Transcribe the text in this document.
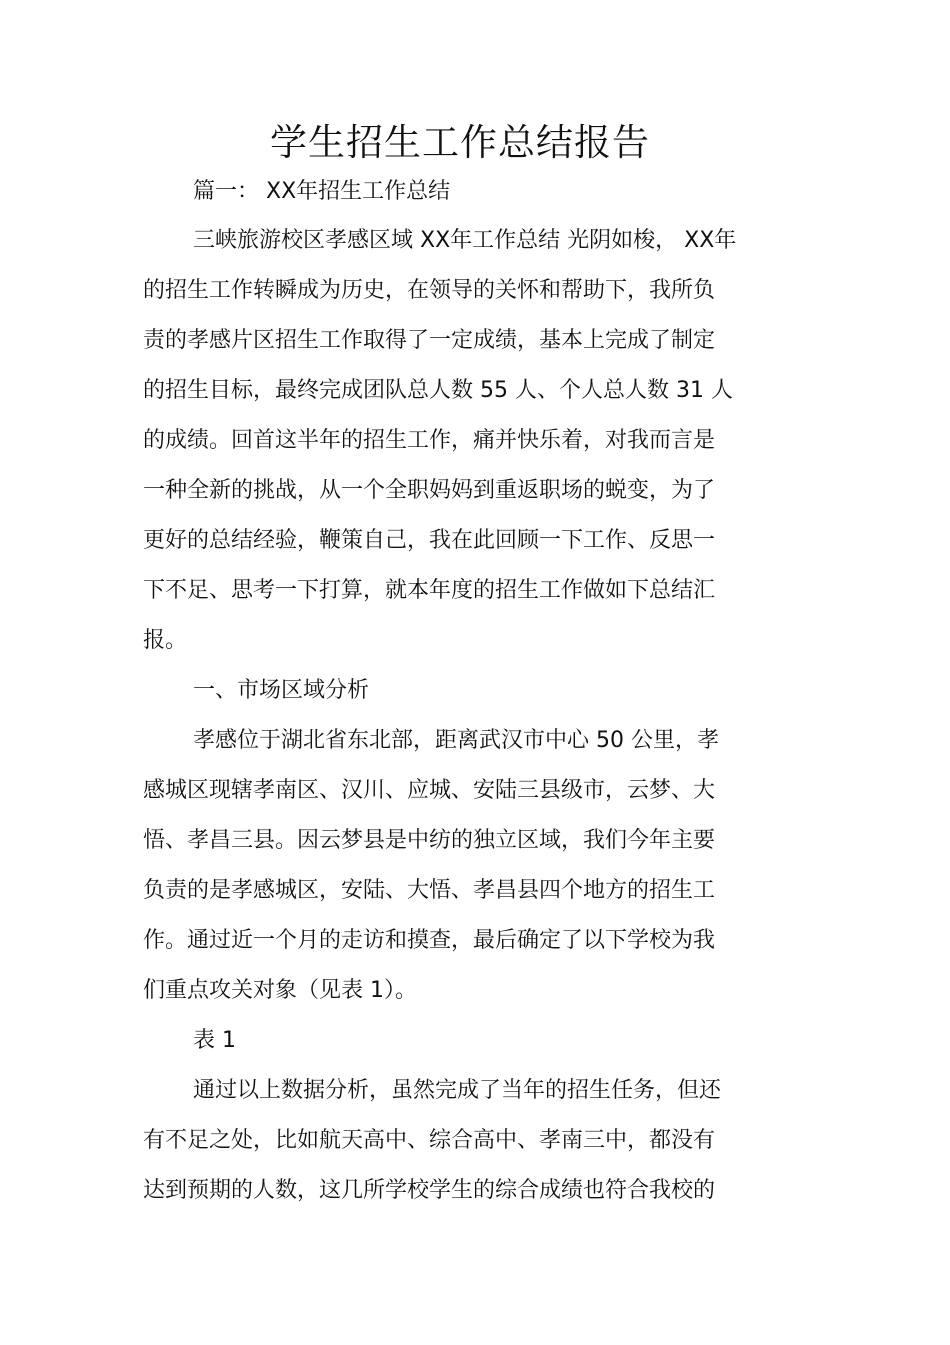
学生招生工作总结报告
篇一： XX年招生工作总结
三峡旅游校区孝感区域 XX年工作总结 光阴如梭， XX年
的招生工作转瞬成为历史，在领导的关怀和帮助下，我所负
责的孝感片区招生工作取得了一定成绩，基本上完成了制定
的招生目标，最终完成团队总人数 55 人、个人总人数 31 人
的成绩。回首这半年的招生工作，痛并快乐着，对我而言是
一种全新的挑战，从一个全职妈妈到重返职场的蜕变，为了
更好的总结经验，鞭策自己，我在此回顾一下工作、反思一
下不足、思考一下打算，就本年度的招生工作做如下总结汇
报。
一、市场区域分析
孝感位于湖北省东北部，距离武汉市中心 50 公里，孝
感城区现辖孝南区、汉川、应城、安陆三县级市，云梦、大
悟、孝昌三县。因云梦县是中纺的独立区域，我们今年主要
负责的是孝感城区，安陆、大悟、孝昌县四个地方的招生工
作。通过近一个月的走访和摸查，最后确定了以下学校为我
们重点攻关对象（见表 1）。
表 1
通过以上数据分析，虽然完成了当年的招生任务，但还
有不足之处，比如航天高中、综合高中、孝南三中，都没有
达到预期的人数，这几所学校学生的综合成绩也符合我校的
